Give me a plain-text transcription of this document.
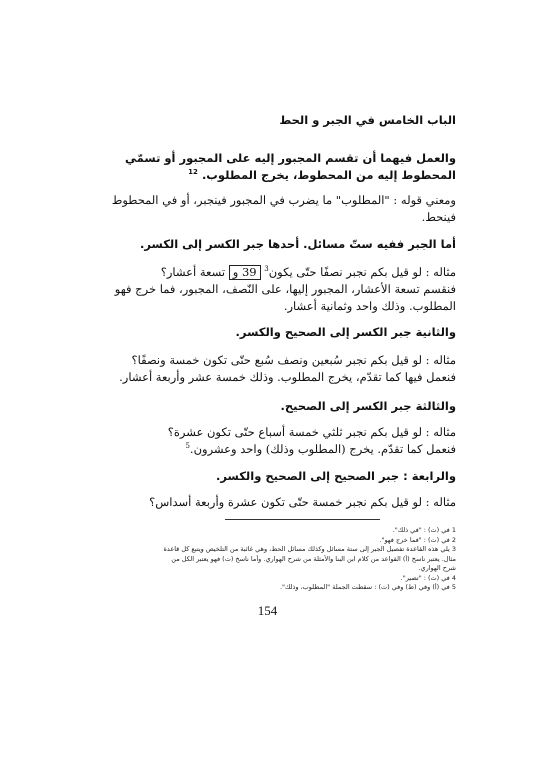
الباب الخامس في الجبر و الحط
والعمل فيهما أن تقسم المجبور إليه على المجبور أو تسمّي المحطوط إليه من المحطوط، يخرج المطلوب. $^{12}$
ومعني قوله : "المطلوب" ما يضرب في المجبور فينجبر، أو في المحطوط فينحط.
أما الجبر ففيه ستّ مسائل. أحدها جبر الكسر إلى الكسر.
مثاله : لو قيل بكم نجبر نصفًا حتّى يكون$^3$ 39 و تسعة أعشار؟
فنقسم تسعة الأعشار، المجبور إليها، على النّصف، المجبور، فما خرج فهو المطلوب. وذلك واحد وثمانية أعشار.
والثانية جبر الكسر إلى الصحيح والكسر.
مثاله : لو قيل بكم نجبر سُبعين ونصف سُبع حتّى تكون خمسة ونصفًا؟
فنعمل فيها كما تقدّم، يخرج المطلوب. وذلك خمسة عشر وأربعة أعشار.
والثالثة جبر الكسر إلى الصحيح.
مثاله : لو قيل بكم نجبر ثلثي خمسة أسباع حتّى تكون عشرة؟
فنعمل كما تقدّم. يخرج (المطلوب وذلك) واحد وعشرون.$^5$
والرابعة : جبر الصحيح إلى الصحيح والكسر.
مثاله : لو قيل بكم نجبر خمسة حتّى تكون عشرة وأربعة أسداس؟
1 في (ت) : "في ذلك".
2 في (ت) : "فما خرج فهو".
3 يلي هذه القاعدة تفصيل الجبر إلى ستة مسائل وكذلك مسائل الحط، وهي غائبة من التلخيص ويتبع كل قاعدة
مثال. يعتبر ناسخ (أ) القواعد من كلام ابن البنا والأمثلة من شرح الهواري. وأما ناسخ (ت) فهو يعتبر الكل من
شرح الهواري.
4 في (ت) : "تصير".
5 في (أ) وفي (ط) وفي (ت) : سقطت الجملة "المطلوب، وذلك".
154
